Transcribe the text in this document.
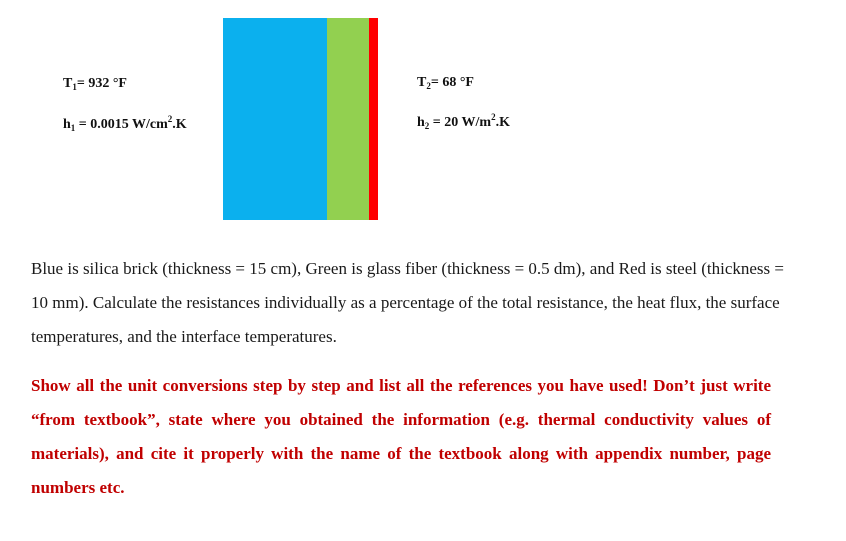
$T_1= 932$ °F
$h_1 = 0.0015$ $W/cm^2.K$
$T_2= 68$ °F
$h_2 = 20$ $W/m^2.K$

Blue is silica brick (thickness = 15 cm), Green is glass fiber (thickness = 0.5 dm), and Red is steel (thickness = 10 mm). Calculate the resistances individually as a percentage of the total resistance, the heat flux, the surface temperatures, and the interface temperatures.

Show all the unit conversions step by step and list all the references you have used! Don’t just write “from textbook”, state where you obtained the information (e.g. thermal conductivity values of materials), and cite it properly with the name of the textbook along with appendix number, page numbers etc.
